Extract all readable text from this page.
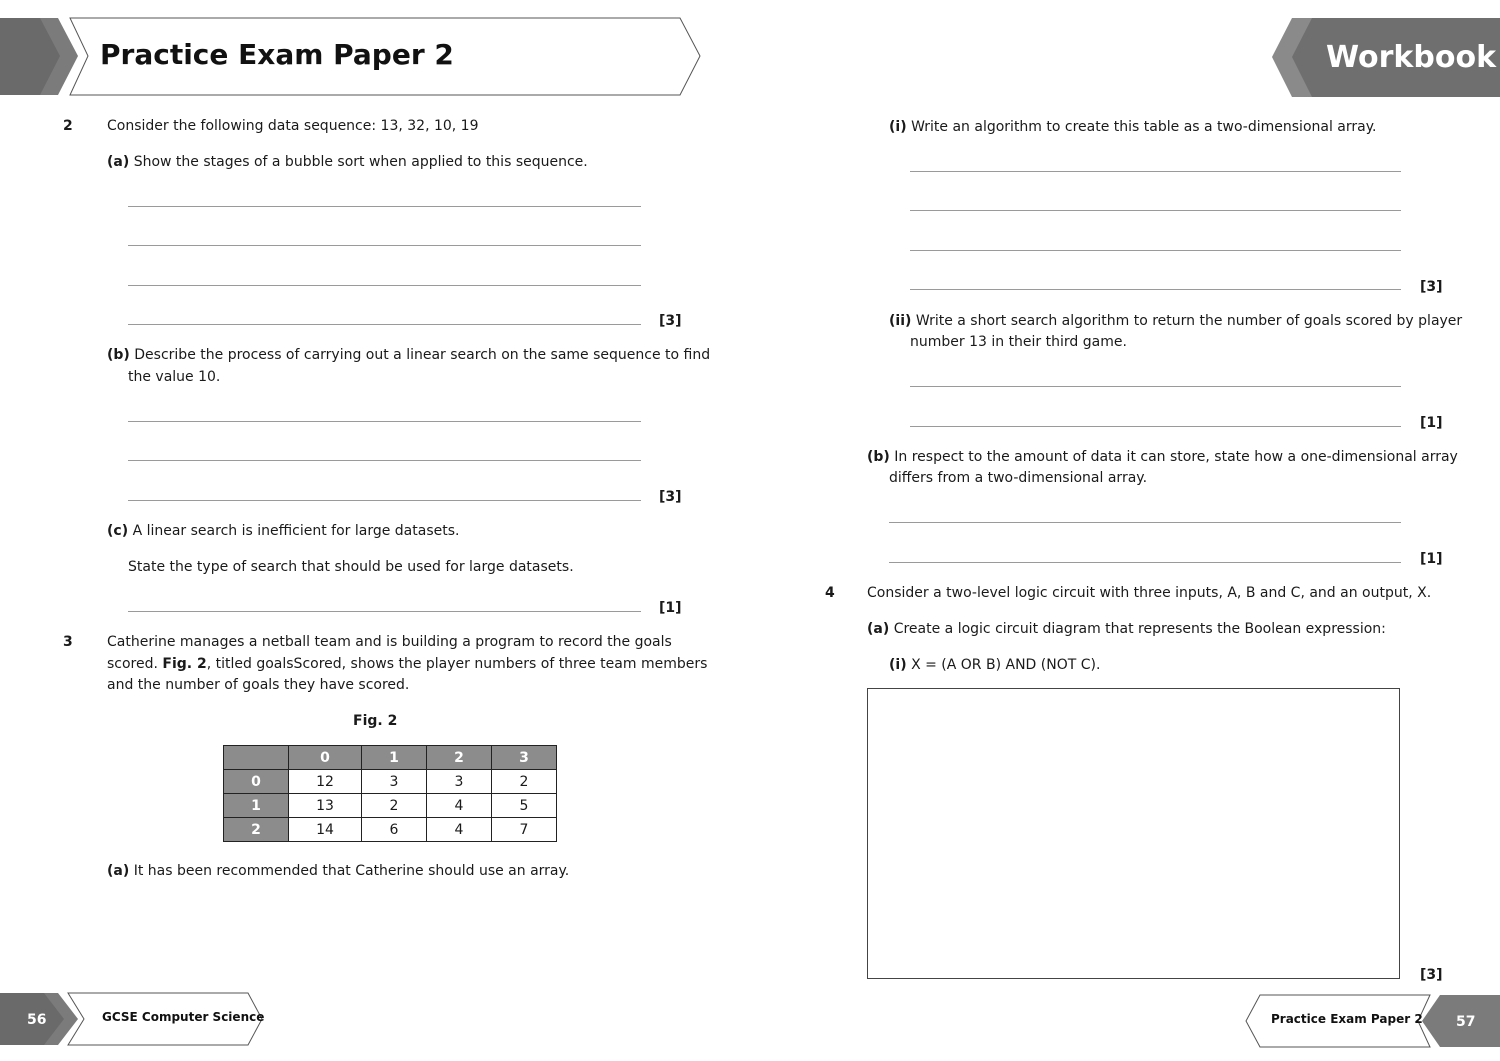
Practice Exam Paper 2	Workbook
2 Consider the following data sequence: 13, 32, 10, 19
(a) Show the stages of a bubble sort when applied to this sequence.
[3]
(b) Describe the process of carrying out a linear search on the same sequence to find
the value 10.
[3]
(c) A linear search is inefficient for large datasets.
State the type of search that should be used for large datasets.
[1]
3 Catherine manages a netball team and is building a program to record the goals
scored. Fig. 2, titled goalsScored, shows the player numbers of three team members
and the number of goals they have scored.
Fig. 2
	0	1	2	3
0	12	3	3	2
1	13	2	4	5
2	14	6	4	7
(a) It has been recommended that Catherine should use an array.
(i) Write an algorithm to create this table as a two-dimensional array.
[3]
(ii) Write a short search algorithm to return the number of goals scored by player
number 13 in their third game.
[1]
(b) In respect to the amount of data it can store, state how a one-dimensional array
differs from a two-dimensional array.
[1]
4 Consider a two-level logic circuit with three inputs, A, B and C, and an output, X.
(a) Create a logic circuit diagram that represents the Boolean expression:
(i) X = (A OR B) AND (NOT C).
[3]
56	GCSE Computer Science	Practice Exam Paper 2 57
